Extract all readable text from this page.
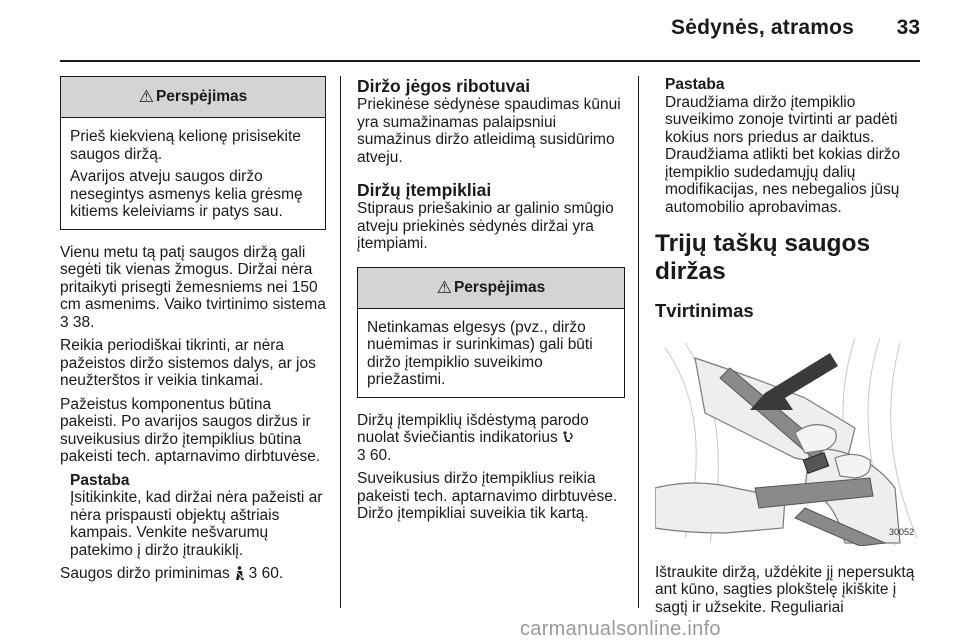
Sėdynės, atramos 33
⚠ Perspėjimas

Prieš kiekvieną kelionę prisisekite saugos diržą.

Avarijos atveju saugos diržo nesegintys asmenys kelia grėsmę kitiems keleiviams ir patys sau.

Vienu metu tą patį saugos diržą gali segėti tik vienas žmogus. Diržai nėra pritaikyti prisegti žemesniems nei 150 cm asmenims. Vaiko tvirtinimo sistema 3 38.

Reikia periodiškai tikrinti, ar nėra pažeistos diržo sistemos dalys, ar jos neužterštos ir veikia tinkamai.

Pažeistus komponentus būtina pakeisti. Po avarijos saugos diržus ir suveikusius diržo įtempiklius būtina pakeisti tech. aptarnavimo dirbtuvėse.

Pastaba
Įsitikinkite, kad diržai nėra pažeisti ar nėra prispausti objektų aštriais kampais. Venkite nešvarumų patekimo į diržo įtraukiklį.

Saugos diržo priminimas 3 60.

Diržo jėgos ribotuvai

Priekinėse sėdynėse spaudimas kūnui yra sumažinamas palaipsniui sumažinus diržo atleidimą susidūrimo atveju.

Diržų įtempikliai

Stipraus priešakinio ar galinio smūgio atveju priekinės sėdynės diržai yra įtempiami.

⚠ Perspėjimas

Netinkamas elgesys (pvz., diržo nuėmimas ir surinkimas) gali būti diržo įtempiklio suveikimo priežastimi.

Diržų įtempiklių išdėstymą parodo nuolat šviečiantis indikatorius
3 60.

Suveikusius diržo įtempiklius reikia pakeisti tech. aptarnavimo dirbtuvėse. Diržo įtempikliai suveikia tik kartą.

Pastaba
Draudžiama diržo įtempiklio suveikimo zonoje tvirtinti ar padėti kokius nors priedus ar daiktus. Draudžiama atlikti bet kokias diržo įtempiklio sudedamųjų dalių modifikacijas, nes nebegalios jūsų automobilio aprobavimas.
Trijų taškų saugos diržas
Tvirtinimas
30052

Ištraukite diržą, uždėkite jį nepersuktą ant kūno, sagties plokštelę įkiškite į sagtį ir užsekite. Reguliariai

carmanualsonline.info
